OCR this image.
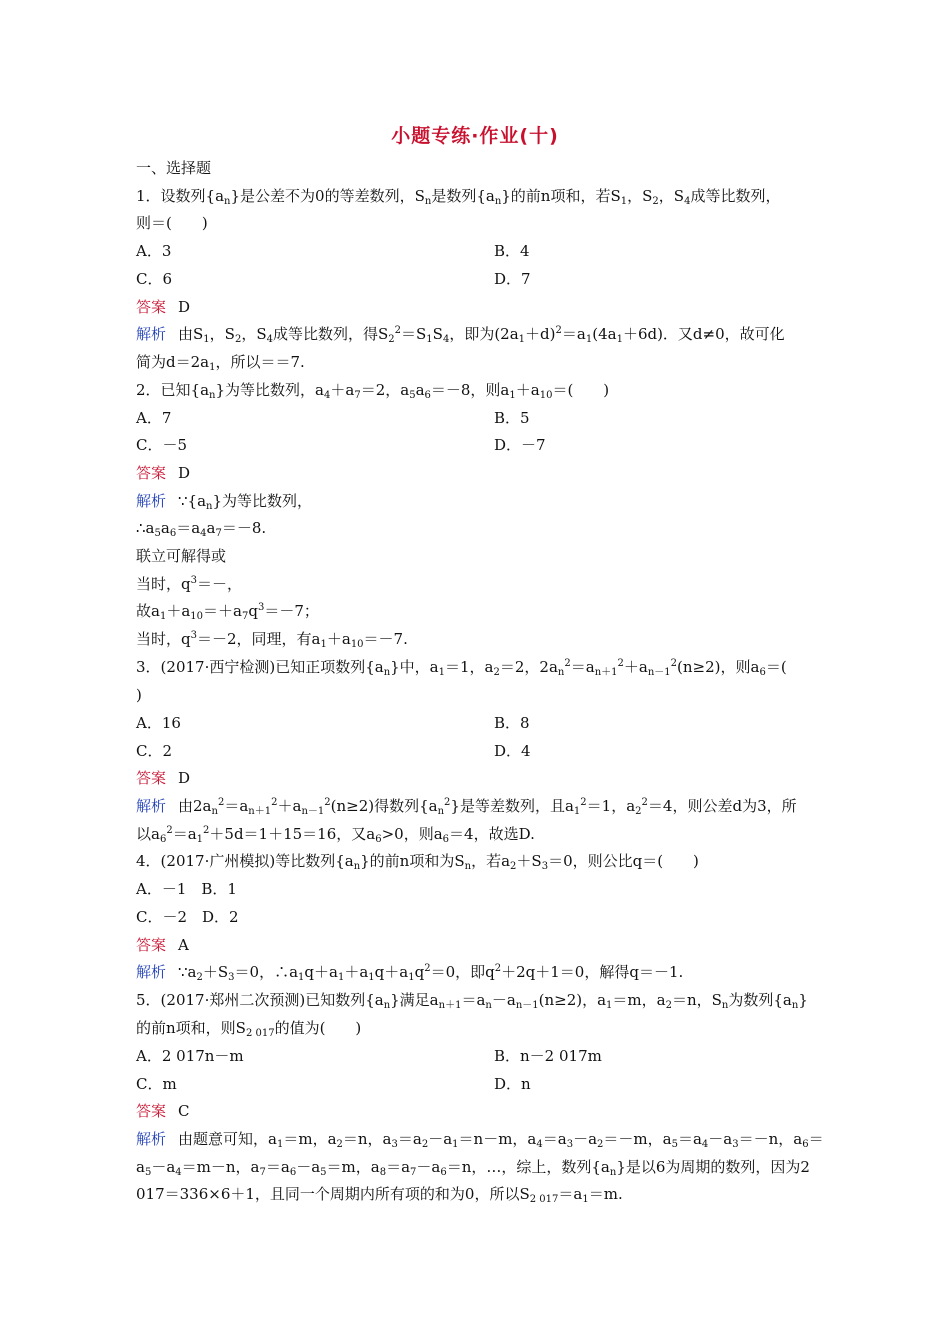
小题专练·作业(十)
一、选择题
1．设数列$\{a_n\}$是公差不为0的等差数列，$S_n$是数列$\{a_n\}$的前n项和，若$S_1$，$S_2$，$S_4$成等比数列，
则＝(　　)
A．3	B．4
C．6	D．7
答案 D
解析 由$S_1$，$S_2$，$S_4$成等比数列，得$S_2^2=S_1S_4$，即为$(2a_1+d)^2=a_1(4a_1+6d)$．又d≠0，故可化
简为$d=2a_1$，所以＝＝7.
2．已知$\{a_n\}$为等比数列，$a_4+a_7=2$，$a_5a_6=-8$，则$a_1+a_{10}=$(　　)
A．7	B．5
C．－5	D．－7
答案 D
解析 $\because\{a_n\}$为等比数列，
$\therefore a_5a_6=a_4a_7=-8$.
联立可解得或
当时，$q^3=-$，
故$a_1+a_{10}=+a_7q^3=-7$；
当时，$q^3=-2$，同理，有$a_1+a_{10}=-7$.
3．(2017·西宁检测)已知正项数列$\{a_n\}$中，$a_1=1$，$a_2=2$，$2a_n^2=a_{n+1}^2+a_{n-1}^2(n\ge 2)$，则$a_6=$(
)
A．16	B．8
C．2	D．4
答案 D
解析 由$2a_n^2=a_{n+1}^2+a_{n-1}^2(n\ge 2)$得数列$\{a_n^2\}$是等差数列，且$a_1^2=1$，$a_2^2=4$，则公差d为3，所
以$a_6^2=a_1^2+5d=1+15=16$，又$a_6>0$，则$a_6=4$，故选D.
4．(2017·广州模拟)等比数列$\{a_n\}$的前n项和为$S_n$，若$a_2+S_3=0$，则公比q＝(　　)
A．－1　B．1
C．－2　D．2
答案 A
解析 $\because a_2+S_3=0$，$\therefore a_1q+a_1+a_1q+a_1q^2=0$，即$q^2+2q+1=0$，解得q＝－1.
5．(2017·郑州二次预测)已知数列$\{a_n\}$满足$a_{n+1}=a_n-a_{n-1}(n\ge 2)$，$a_1=m$，$a_2=n$，$S_n$为数列$\{a_n\}$
的前n项和，则$S_{2 017}$的值为(　　)
A．2 017n－m	B．n－2 017m
C．m	D．n
答案 C
解析 由题意可知，$a_1=m$，$a_2=n$，$a_3=a_2-a_1=n-m$，$a_4=a_3-a_2=-m$，$a_5=a_4-a_3=-n$，$a_6=$
$a_5-a_4=m-n$，$a_7=a_6-a_5=m$，$a_8=a_7-a_6=n$，…，综上，数列$\{a_n\}$是以6为周期的数列，因为2
017＝336×6＋1，且同一个周期内所有项的和为0，所以$S_{2 017}=a_1=m$.
